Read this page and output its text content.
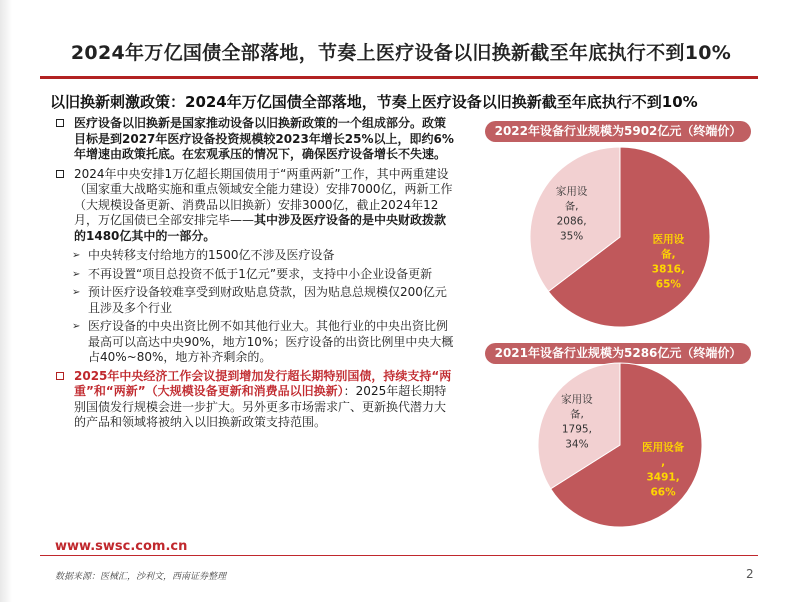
2024年万亿国债全部落地，节奏上医疗设备以旧换新截至年底执行不到10%
以旧换新刺激政策：2024年万亿国债全部落地，节奏上医疗设备以旧换新截至年底执行不到10%
医疗设备以旧换新是国家推动设备以旧换新政策的一个组成部分。政策目标是到2027年医疗设备投资规模较2023年增长25%以上，即约6%年增速由政策托底。在宏观承压的情况下，确保医疗设备增长不失速。
2024年中央安排1万亿超长期国债用于“两重两新”工作，其中两重建设（国家重大战略实施和重点领域安全能力建设）安排7000亿，两新工作（大规模设备更新、消费品以旧换新）安排3000亿，截止2024年12月，万亿国债已全部安排完毕——其中涉及医疗设备的是中央财政拨款的1480亿其中的一部分。
➢ 中央转移支付给地方的1500亿不涉及医疗设备
➢ 不再设置“项目总投资不低于1亿元”要求，支持中小企业设备更新
➢ 预计医疗设备较难享受到财政贴息贷款，因为贴息总规模仅200亿元且涉及多个行业
➢ 医疗设备的中央出资比例不如其他行业大。其他行业的中央出资比例最高可以高达中央90%，地方10%；医疗设备的出资比例里中央大概占40%~80%，地方补齐剩余的。
2025年中央经济工作会议提到增加发行超长期特别国债，持续支持“两重”和“两新”（大规模设备更新和消费品以旧换新）：2025年超长期特别国债发行规模会进一步扩大。另外更多市场需求广、更新换代潜力大的产品和领域将被纳入以旧换新政策支持范围。
2022年设备行业规模为5902亿元（终端价）
医用设
备,
3816,
65%
家用设
备,
2086,
35%
2021年设备行业规模为5286亿元（终端价）
医用设备
,
3491,
66%
家用设
备,
1795,
34%
www.swsc.com.cn
数据来源：医械汇，沙利文，西南证券整理	2
